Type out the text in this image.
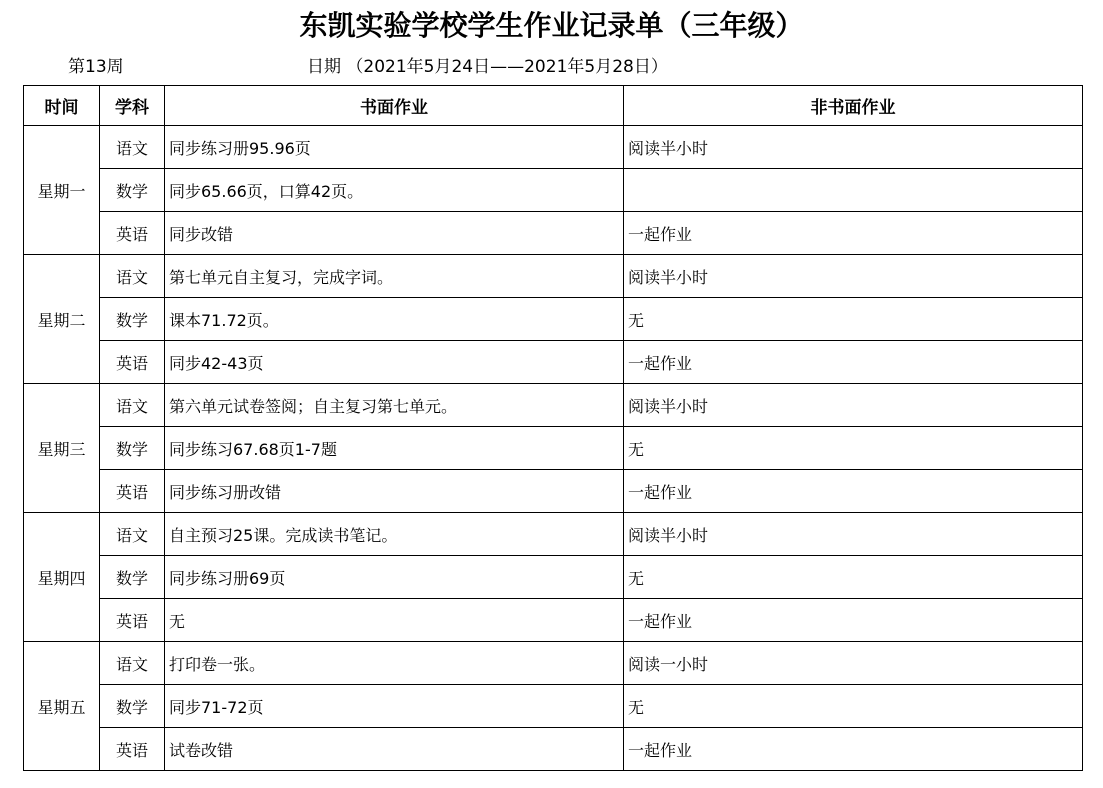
东凯实验学校学生作业记录单（三年级）
第13周	日期 （2021年5月24日——2021年5月28日）
时间	学科	书面作业	非书面作业
星期一	语文	同步练习册95.96页	阅读半小时
	数学	同步65.66页，口算42页。	
	英语	同步改错	一起作业
星期二	语文	第七单元自主复习，完成字词。	阅读半小时
	数学	课本71.72页。	无
	英语	同步42-43页	一起作业
星期三	语文	第六单元试卷签阅；自主复习第七单元。	阅读半小时
	数学	同步练习67.68页1-7题	无
	英语	同步练习册改错	一起作业
星期四	语文	自主预习25课。完成读书笔记。	阅读半小时
	数学	同步练习册69页	无
	英语	无	一起作业
星期五	语文	打印卷一张。	阅读一小时
	数学	同步71-72页	无
	英语	试卷改错	一起作业
